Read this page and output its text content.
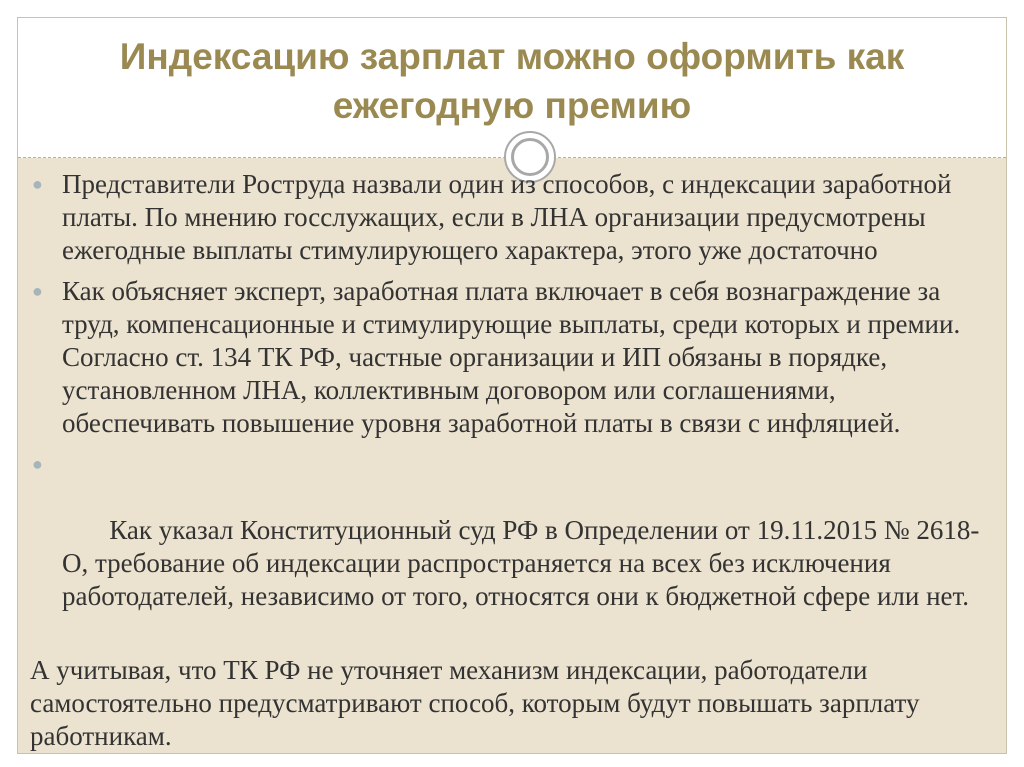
Индексацию зарплат можно оформить как ежегодную премию

● Представители Роструда назвали один из способов, с индексации заработной платы. По мнению госслужащих, если в ЛНА организации предусмотрены ежегодные выплаты стимулирующего характера, этого уже достаточно

● Как объясняет эксперт, заработная плата включает в себя вознаграждение за труд, компенсационные и стимулирующие выплаты, среди которых и премии. Согласно ст. 134 ТК РФ, частные организации и ИП обязаны в порядке, установленном ЛНА, коллективным договором или соглашениями, обеспечивать повышение уровня заработной платы в связи с инфляцией.

●

Как указал Конституционный суд РФ в Определении от 19.11.2015 № 2618-О, требование об индексации распространяется на всех без исключения работодателей, независимо от того, относятся они к бюджетной сфере или нет.

А учитывая, что ТК РФ не уточняет механизм индексации, работодатели самостоятельно предусматривают способ, которым будут повышать зарплату работникам.
